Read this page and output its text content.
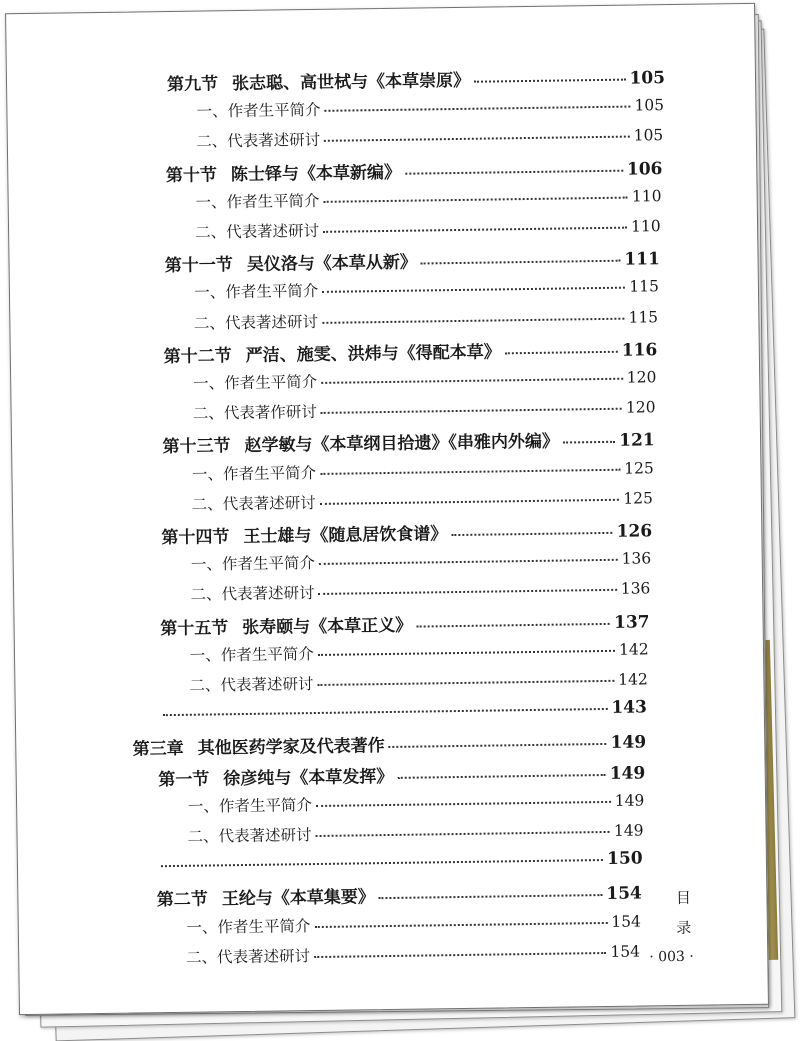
第九节 张志聪、高世栻与《本草崇原》	105
一、作者生平简介	105
二、代表著述研讨	105
第十节 陈士铎与《本草新编》	106
一、作者生平简介	110
二、代表著述研讨	110
第十一节 吴仪洛与《本草从新》	111
一、作者生平简介	115
二、代表著述研讨	115
第十二节 严洁、施雯、洪炜与《得配本草》	116
一、作者生平简介	120
二、代表著作研讨	120
第十三节 赵学敏与《本草纲目拾遗》《串雅内外编》	121
一、作者生平简介	125
二、代表著述研讨	125
第十四节 王士雄与《随息居饮食谱》	126
一、作者生平简介	136
二、代表著述研讨	136
第十五节 张寿颐与《本草正义》	137
一、作者生平简介	142
二、代表著述研讨	142
143
第三章 其他医药学家及代表著作	149
第一节 徐彦纯与《本草发挥》	149
一、作者生平简介	149
二、代表著述研讨	149
150
第二节 王纶与《本草集要》	154
一、作者生平简介	154
二、代表著述研讨	154
目
录
· 003 ·
